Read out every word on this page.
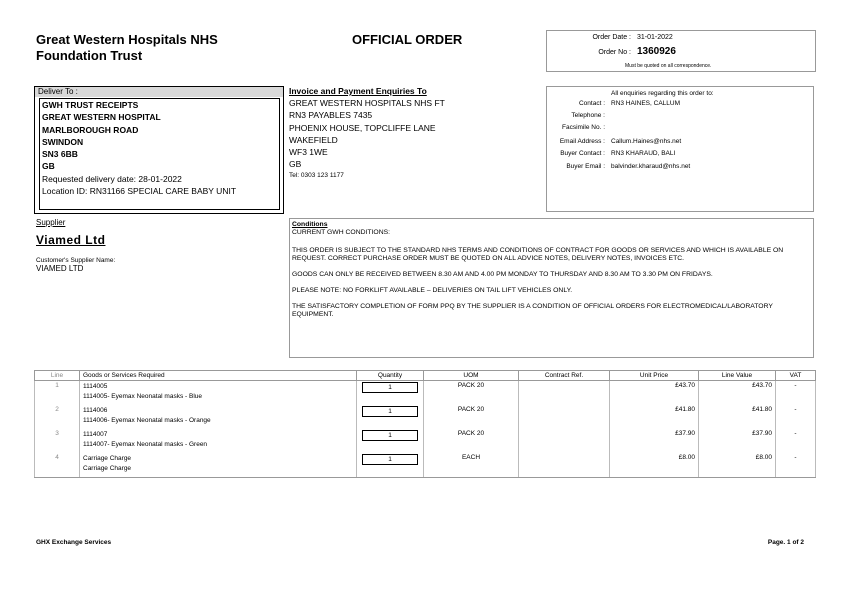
Great Western Hospitals NHS
Foundation Trust
OFFICIAL ORDER	Order Date : 31-01-2022
Order No : 1360926
Must be quoted on all correspondence.
Deliver To :
GWH TRUST RECEIPTS
GREAT WESTERN HOSPITAL
MARLBOROUGH ROAD
SWINDON
SN3 6BB
GB
Requested delivery date: 28-01-2022
Location ID: RN31166 SPECIAL CARE BABY UNIT
Invoice and Payment Enquiries To
GREAT WESTERN HOSPITALS NHS FT
RN3 PAYABLES 7435
PHOENIX HOUSE, TOPCLIFFE LANE
WAKEFIELD
WF3 1WE
GB
Tel: 0303 123 1177
All enquiries regarding this order to:
Contact : RN3 HAINES, CALLUM
Telephone :
Facsimile No. :
Email Address : Callum.Haines@nhs.net
Buyer Contact : RN3 KHARAUD, BALI
Buyer Email : balvinder.kharaud@nhs.net
Supplier
Viamed Ltd
Customer's Supplier Name:
VIAMED LTD
Conditions

CURRENT GWH CONDITIONS:

THIS ORDER IS SUBJECT TO THE STANDARD NHS TERMS AND CONDITIONS OF CONTRACT FOR GOODS OR SERVICES AND WHICH IS AVAILABLE ON REQUEST. CORRECT PURCHASE ORDER MUST BE QUOTED ON ALL ADVICE NOTES, DELIVERY NOTES, INVOICES ETC.

GOODS CAN ONLY BE RECEIVED BETWEEN 8.30 AM AND 4.00 PM MONDAY TO THURSDAY AND 8.30 AM TO 3.30 PM ON FRIDAYS.

PLEASE NOTE: NO FORKLIFT AVAILABLE – DELIVERIES ON TAIL LIFT VEHICLES ONLY.

THE SATISFACTORY COMPLETION OF FORM PPQ BY THE SUPPLIER IS A CONDITION OF OFFICIAL ORDERS FOR ELECTROMEDICAL/LABORATORY EQUIPMENT.

Line	Goods or Services Required	Quantity	UOM	Contract Ref.	Unit Price	Line Value	VAT
1	1114005
1114005- Eyemax Neonatal masks - Blue	1	PACK 20		£43.70	£43.70	-
2	1114006
1114006- Eyemax Neonatal masks - Orange	1	PACK 20		£41.80	£41.80	-
3	1114007
1114007- Eyemax Neonatal masks - Green	1	PACK 20		£37.90	£37.90	-
4	Carriage Charge
Carriage Charge	1	EACH		£8.00	£8.00	-
GHX Exchange Services	Page. 1 of 2
